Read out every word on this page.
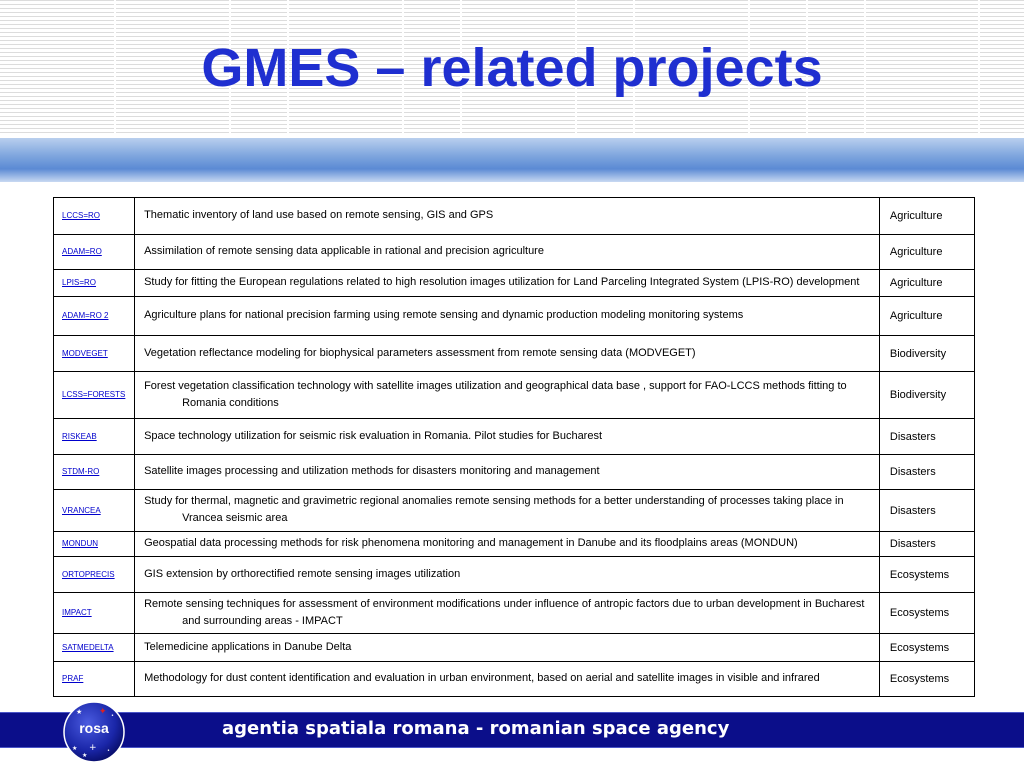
GMES – related projects
LCCS=RO	Thematic inventory of land use based on remote sensing, GIS and GPS	Agriculture
ADAM=RO	Assimilation of remote sensing data applicable in rational and precision agriculture	Agriculture
LPIS=RO	Study for fitting the European regulations related to high resolution images utilization for Land Parceling Integrated System (LPIS-RO) development	Agriculture
ADAM=RO 2	Agriculture plans for national precision farming using remote sensing and dynamic production modeling monitoring systems	Agriculture
MODVEGET	Vegetation reflectance modeling for biophysical parameters assessment from remote sensing data (MODVEGET)	Biodiversity
LCSS=FORESTS	Forest vegetation classification technology with satellite images utilization and geographical data base , support for FAO-LCCS methods fitting to Romania conditions	Biodiversity
RISKEAB	Space technology utilization for seismic risk evaluation in Romania. Pilot studies for Bucharest	Disasters
STDM-RO	Satellite images processing and utilization methods for disasters monitoring and management	Disasters
VRANCEA	Study for thermal, magnetic and gravimetric regional anomalies remote sensing methods for a better understanding of processes taking place in Vrancea seismic area	Disasters
MONDUN	Geospatial data processing methods for risk phenomena monitoring and management in Danube and its floodplains areas (MONDUN)	Disasters
ORTOPRECIS	GIS extension by orthorectified remote sensing images utilization	Ecosystems
IMPACT	Remote sensing techniques for assessment of environment modifications under influence of antropic factors due to urban development in Bucharest and surrounding areas - IMPACT	Ecosystems
SATMEDELTA	Telemedicine applications in Danube Delta	Ecosystems
PRAF	Methodology for dust content identification and evaluation in urban environment, based on aerial and satellite images in visible and infrared	Ecosystems
★ ✦ •
★
★
+ •
rosa	agentia spatiala romana - romanian space agency
